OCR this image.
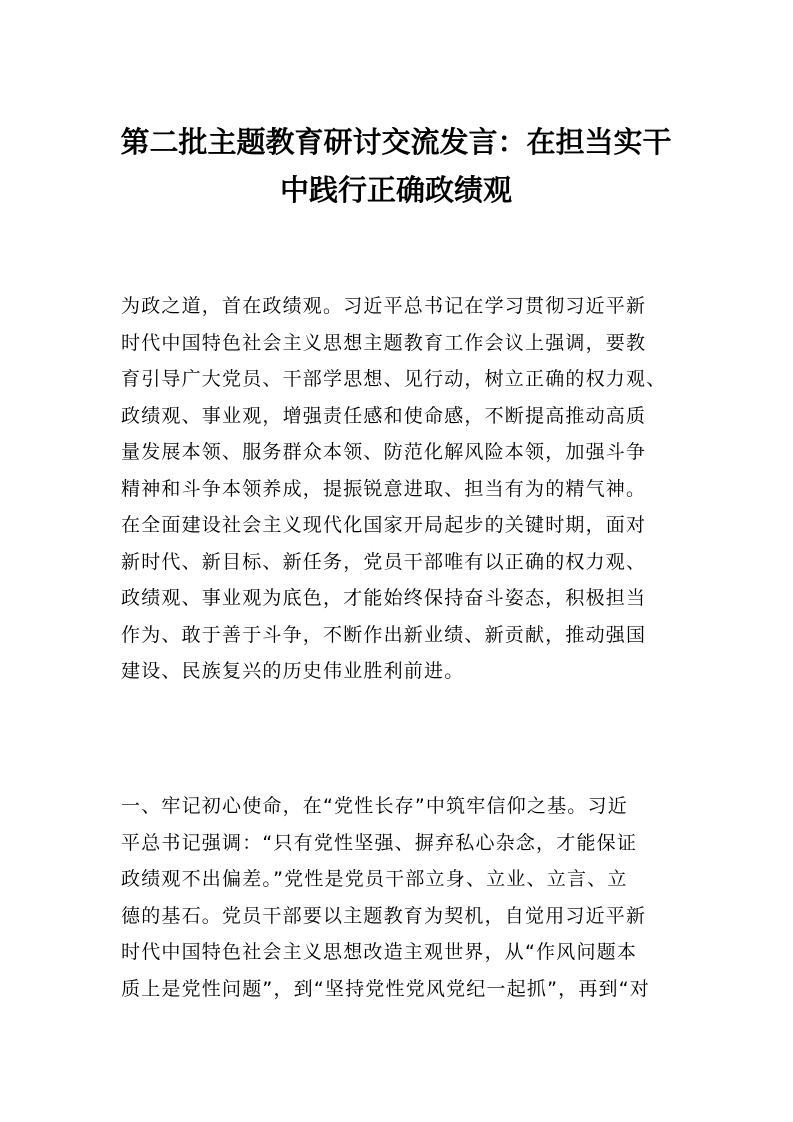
第二批主题教育研讨交流发言：在担当实干
中践行正确政绩观
为政之道，首在政绩观。习近平总书记在学习贯彻习近平新
时代中国特色社会主义思想主题教育工作会议上强调，要教
育引导广大党员、干部学思想、见行动，树立正确的权力观、
政绩观、事业观，增强责任感和使命感，不断提高推动高质
量发展本领、服务群众本领、防范化解风险本领，加强斗争
精神和斗争本领养成，提振锐意进取、担当有为的精气神。
在全面建设社会主义现代化国家开局起步的关键时期，面对
新时代、新目标、新任务，党员干部唯有以正确的权力观、
政绩观、事业观为底色，才能始终保持奋斗姿态，积极担当
作为、敢于善于斗争，不断作出新业绩、新贡献，推动强国
建设、民族复兴的历史伟业胜利前进。
一、牢记初心使命，在“党性长存”中筑牢信仰之基。习近
平总书记强调：“只有党性坚强、摒弃私心杂念，才能保证
政绩观不出偏差。”党性是党员干部立身、立业、立言、立
德的基石。党员干部要以主题教育为契机，自觉用习近平新
时代中国特色社会主义思想改造主观世界，从“作风问题本
质上是党性问题”，到“坚持党性党风党纪一起抓”，再到“对
